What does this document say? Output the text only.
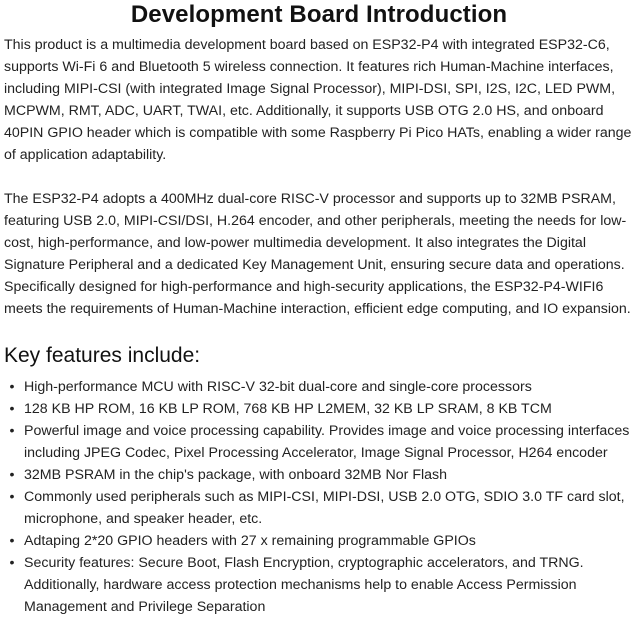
Development Board Introduction

This product is a multimedia development board based on ESP32-P4 with integrated ESP32-C6, supports Wi-Fi 6 and Bluetooth 5 wireless connection. It features rich Human-Machine interfaces, including MIPI-CSI (with integrated Image Signal Processor), MIPI-DSI, SPI, I2S, I2C, LED PWM, MCPWM, RMT, ADC, UART, TWAI, etc. Additionally, it supports USB OTG 2.0 HS, and onboard 40PIN GPIO header which is compatible with some Raspberry Pi Pico HATs, enabling a wider range of application adaptability.

The ESP32-P4 adopts a 400MHz dual-core RISC-V processor and supports up to 32MB PSRAM, featuring USB 2.0, MIPI-CSI/DSI, H.264 encoder, and other peripherals, meeting the needs for low-cost, high-performance, and low-power multimedia development. It also integrates the Digital Signature Peripheral and a dedicated Key Management Unit, ensuring secure data and operations. Specifically designed for high-performance and high-security applications, the ESP32-P4-WIFI6 meets the requirements of Human-Machine interaction, efficient edge computing, and IO expansion.

Key features include:
• High-performance MCU with RISC-V 32-bit dual-core and single-core processors
• 128 KB HP ROM, 16 KB LP ROM, 768 KB HP L2MEM, 32 KB LP SRAM, 8 KB TCM
• Powerful image and voice processing capability. Provides image and voice processing interfaces including JPEG Codec, Pixel Processing Accelerator, Image Signal Processor, H264 encoder
• 32MB PSRAM in the chip's package, with onboard 32MB Nor Flash
• Commonly used peripherals such as MIPI-CSI, MIPI-DSI, USB 2.0 OTG, SDIO 3.0 TF card slot, microphone, and speaker header, etc.
• Adtaping 2*20 GPIO headers with 27 x remaining programmable GPIOs
• Security features: Secure Boot, Flash Encryption, cryptographic accelerators, and TRNG. Additionally, hardware access protection mechanisms help to enable Access Permission Management and Privilege Separation
